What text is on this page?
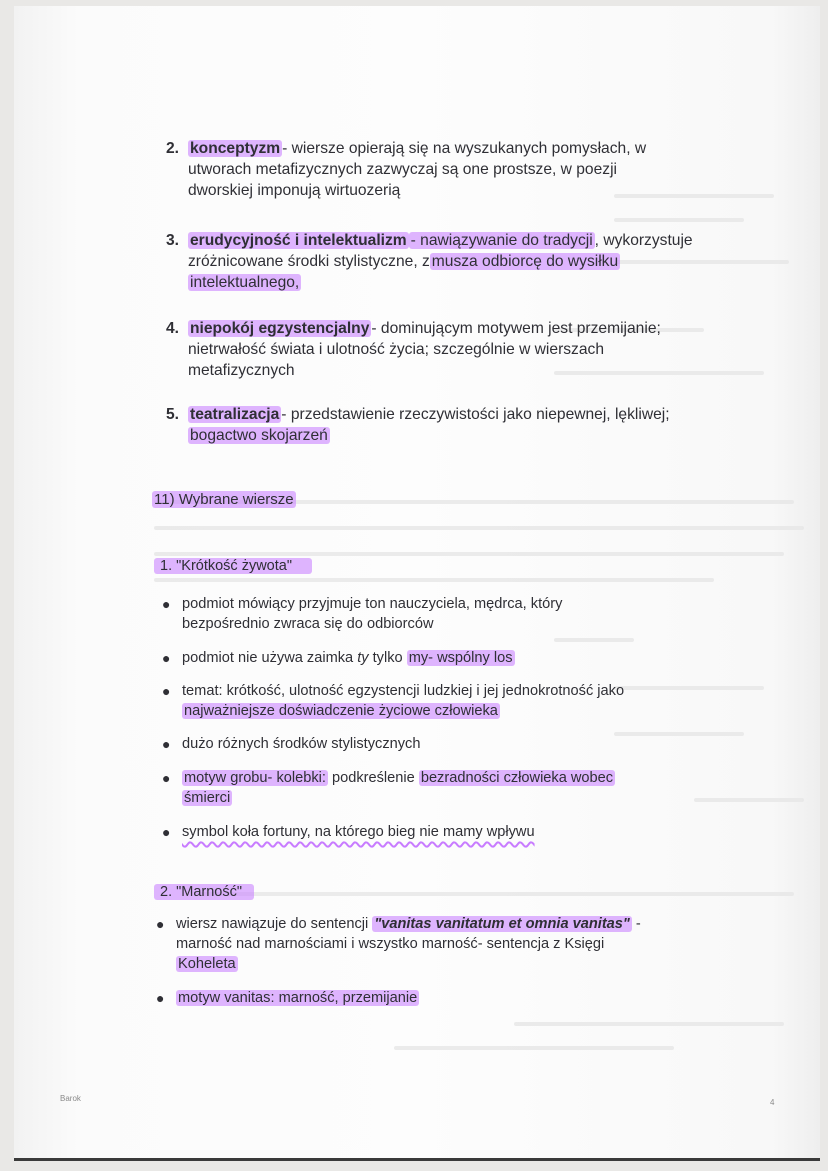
2. konceptyzm - wiersze opierają się na wyszukanych pomysłach, w
utworach metafizycznych zazwyczaj są one prostsze, w poezji
dworskiej imponują wirtuozerią
3. erudycyjność i intelektualizm - nawiązywanie do tradycji , wykorzystuje
zróżnicowane środki stylistyczne, z musza odbiorcę do wysiłku
intelektualnego,
4. niepokój egzystencjalny - dominującym motywem jest przemijanie;
nietrwałość świata i ulotność życia; szczególnie w wierszach
metafizycznych
5. teatralizacja - przedstawienie rzeczywistości jako niepewnej, lękliwej;
bogactwo skojarzeń
11) Wybrane wiersze
1. "Krótkość żywota"
● podmiot mówiący przyjmuje ton nauczyciela, mędrca, który
bezpośrednio zwraca się do odbiorców
● podmiot nie używa zaimka ty tylko my- wspólny los
● temat: krótkość, ulotność egzystencji ludzkiej i jej jednokrotność jako
najważniejsze doświadczenie życiowe człowieka
● dużo różnych środków stylistycznych
● motyw grobu- kolebki: podkreślenie bezradności człowieka wobec
śmierci
● symbol koła fortuny, na którego bieg nie mamy wpływu
2. "Marność"
● wiersz nawiązuje do sentencji "vanitas vanitatum et omnia vanitas" -
marność nad marnościami i wszystko marność- sentencja z Księgi
Koheleta
● motyw vanitas: marność, przemijanie
Barok	4
